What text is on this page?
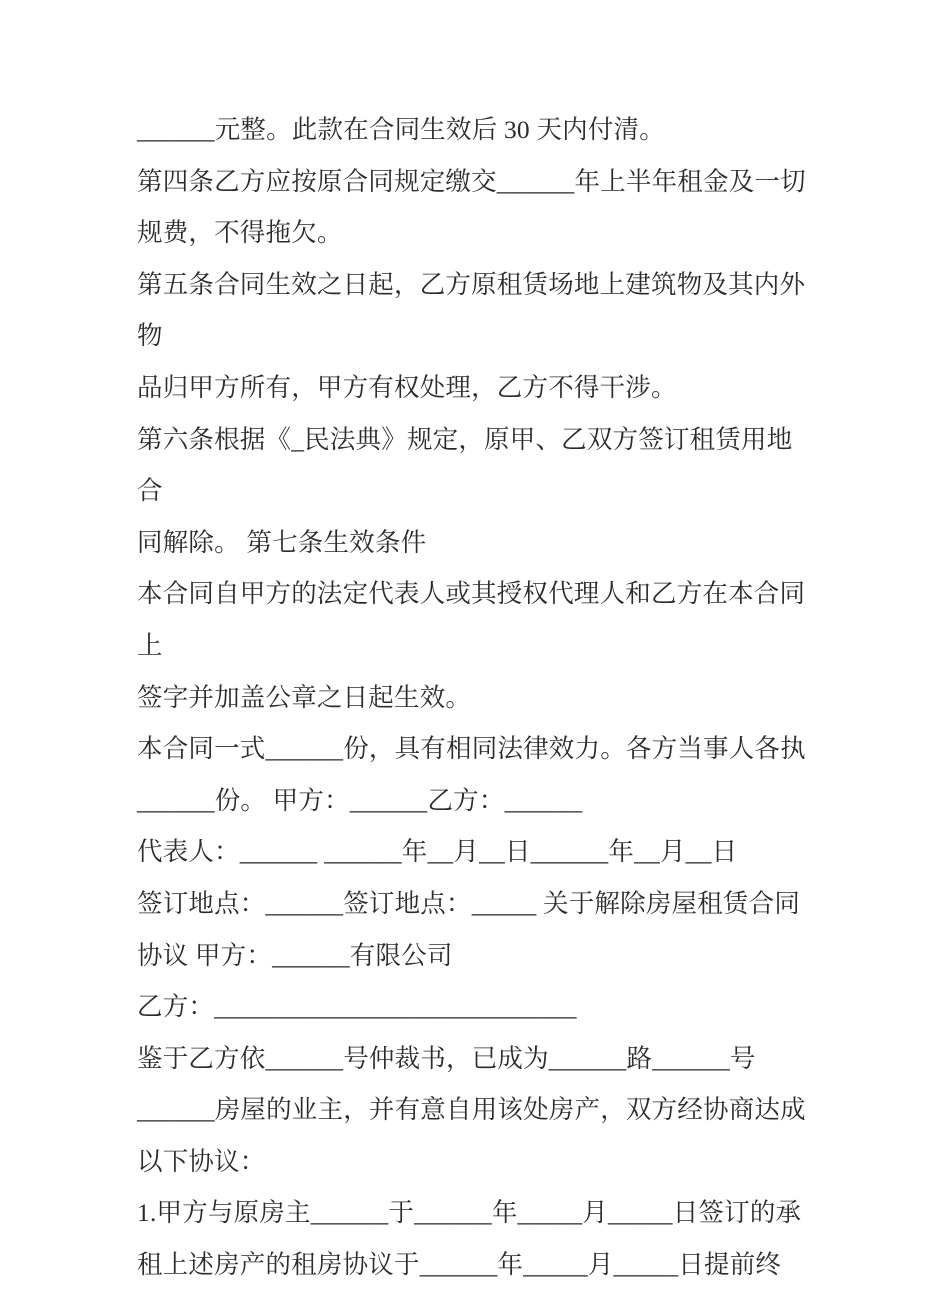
______元整。此款在合同生效后 30 天内付清。
第四条乙方应按原合同规定缴交______年上半年租金及一切
规费，不得拖欠。
第五条合同生效之日起，乙方原租赁场地上建筑物及其内外物
品归甲方所有，甲方有权处理，乙方不得干涉。
第六条根据《_民法典》规定，原甲、乙双方签订租赁用地合
同解除。 第七条生效条件
本合同自甲方的法定代表人或其授权代理人和乙方在本合同上
签字并加盖公章之日起生效。
本合同一式______份，具有相同法律效力。各方当事人各执
______份。 甲方：______乙方：______
代表人：______ ______年__月__日______年__月__日
签订地点：______签订地点：_____ 关于解除房屋租赁合同
协议 甲方：______有限公司
乙方：____________________________
鉴于乙方依______号仲裁书，已成为______路______号
______房屋的业主，并有意自用该处房产，双方经协商达成
以下协议：
1.甲方与原房主______于______年_____月_____日签订的承
租上述房产的租房协议于______年_____月_____日提前终
